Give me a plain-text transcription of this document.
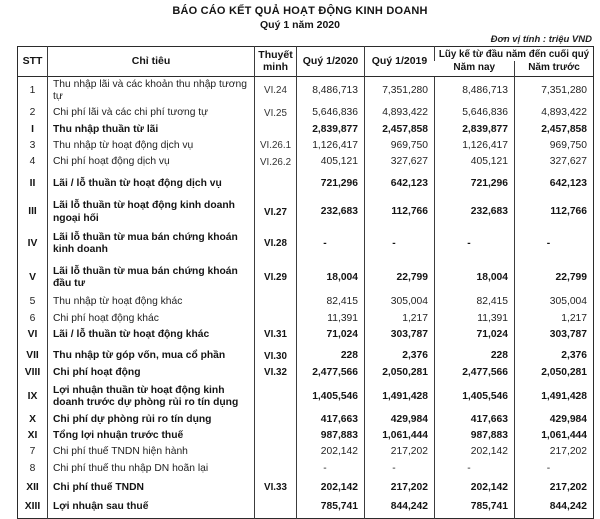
BÁO CÁO KẾT QUẢ HOẠT ĐỘNG KINH DOANH
Quý 1 năm 2020
Đơn vị tính : triệu VND
STT	Chỉ tiêu	Thuyết minh	Quý 1/2020	Quý 1/2019	Lũy kế từ đầu năm đến cuối quý	
					Năm nay	Năm trước
1	Thu nhập lãi và các khoản thu nhập tương tự	VI.24	8,486,713	7,351,280	8,486,713	7,351,280
2	Chi phí lãi và các chi phí tương tự	VI.25	5,646,836	4,893,422	5,646,836	4,893,422
I	Thu nhập thuần từ lãi		2,839,877	2,457,858	2,839,877	2,457,858
3	Thu nhập từ hoạt động dịch vụ	VI.26.1	1,126,417	969,750	1,126,417	969,750
4	Chi phí hoạt động dịch vụ	VI.26.2	405,121	327,627	405,121	327,627
II	Lãi / lỗ thuần từ hoạt động dịch vụ		721,296	642,123	721,296	642,123
III	Lãi lỗ thuần từ hoạt động kinh doanh ngoại hối	VI.27	232,683	112,766	232,683	112,766
IV	Lãi lỗ thuần từ mua bán chứng khoán kinh doanh	VI.28	-	-	-	-
V	Lãi lỗ thuần từ mua bán chứng khoán đầu tư	VI.29	18,004	22,799	18,004	22,799
5	Thu nhập từ hoạt động khác		82,415	305,004	82,415	305,004
6	Chi phí hoạt động khác		11,391	1,217	11,391	1,217
VI	Lãi / lỗ thuần từ hoạt động khác	VI.31	71,024	303,787	71,024	303,787
VII	Thu nhập từ góp vốn, mua cổ phần	VI.30	228	2,376	228	2,376
VIII	Chi phí hoạt động	VI.32	2,477,566	2,050,281	2,477,566	2,050,281
IX	Lợi nhuận thuần từ hoạt động kinh doanh trước dự phòng rủi ro tín dụng		1,405,546	1,491,428	1,405,546	1,491,428
X	Chi phí dự phòng rủi ro tín dụng		417,663	429,984	417,663	429,984
XI	Tổng lợi nhuận trước thuế		987,883	1,061,444	987,883	1,061,444
7	Chi phí thuế TNDN hiện hành		202,142	217,202	202,142	217,202
8	Chi phí thuế thu nhập DN hoãn lại		-	-	-	-
XII	Chi phí thuế TNDN	VI.33	202,142	217,202	202,142	217,202
XIII	Lợi nhuận sau thuế		785,741	844,242	785,741	844,242
